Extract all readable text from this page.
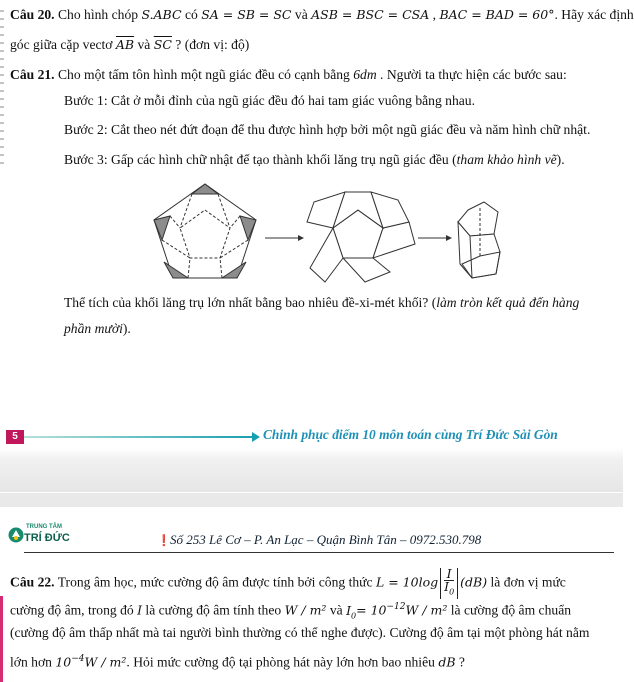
Câu 20. Cho hình chóp S.ABC có SA = SB = SC và ASB = BSC = CSA , BAC = BAD = 60°. Hãy xác định
góc giữa cặp vectơ $\overline{AB}$ và $\overline{SC}$ ? (đơn vị: độ)
Câu 21. Cho một tấm tôn hình một ngũ giác đều có cạnh bằng 6dm . Người ta thực hiện các bước sau:
Bước 1: Cắt ở mỗi đỉnh của ngũ giác đều đó hai tam giác vuông bằng nhau.
Bước 2: Cắt theo nét đứt đoạn để thu được hình hợp bởi một ngũ giác đều và năm hình chữ nhật.
Bước 3: Gấp các hình chữ nhật để tạo thành khối lăng trụ ngũ giác đều (tham khảo hình vẽ).
Thể tích của khối lăng trụ lớn nhất bằng bao nhiêu đề-xi-mét khối? (làm tròn kết quả đến hàng
phần mười).
5	Chinh phục điểm 10 môn toán cùng Trí Đức Sài Gòn
TRUNG TÂM
TRÍ ĐỨC	❗ Số 253 Lê Cơ – P. An Lạc – Quận Bình Tân – 0972.530.798
Câu 22. Trong âm học, mức cường độ âm được tính bởi công thức $L = 10\log \frac{I}{I_0} (dB)$ là đơn vị mức
cường độ âm, trong đó I là cường độ âm tính theo W / m² và $I_0= 10^{-12}W / m^2$ là cường độ âm chuẩn
(cường độ âm thấp nhất mà tai người bình thường có thể nghe được). Cường độ âm tại một phòng hát nằm
lớn hơn $10^{-4}W / m^2$. Hỏi mức cường độ tại phòng hát này lớn hơn bao nhiêu dB ?
